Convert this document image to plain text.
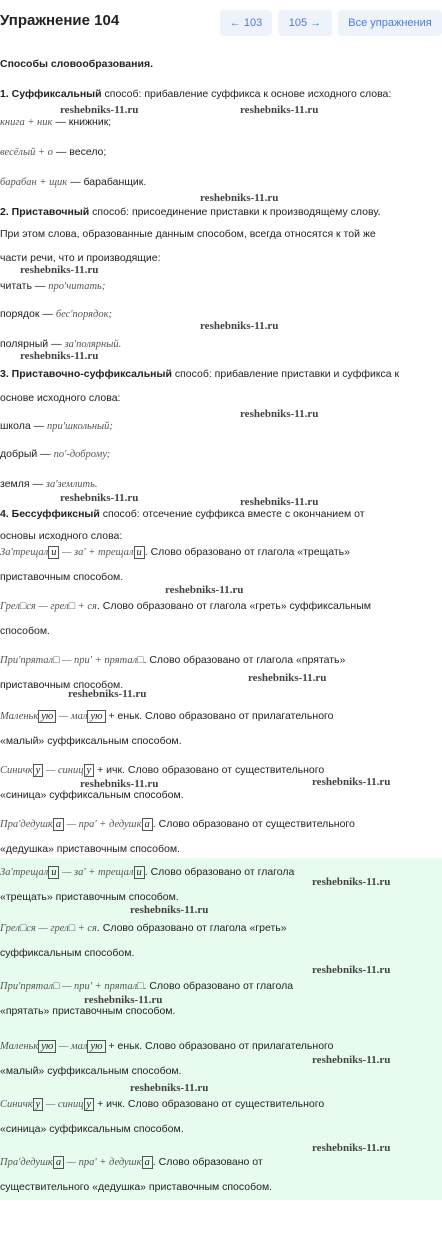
Упражнение 104	← 103	105 →	Все упражнения
Способы словообразования.
1. Суффиксальный способ: прибавление суффикса к основе исходного слова:
книга + ник — книжник;
весёлый + о — весело;
барабан + щик — барабанщик.
2. Приставочный способ: присоединение приставки к производящему слову.
При этом слова, образованные данным способом, всегда относятся к той же
части речи, что и производящие:
читать — про'читать;
порядок — бес'порядок;
полярный — за'полярный.
3. Приставочно-суффиксальный способ: прибавление приставки и суффикса к
основе исходного слова:
школа — при'школьный;
добрый — по'-доброму;
земля — за'землить.
4. Бессуффиксный способ: отсечение суффикса вместе с окончанием от
основы исходного слова:
За'трещал и — за' + трещал и . Слово образовано от глагола «трещать»
приставочным способом.
Грел□ся — грел□ + ся. Слово образовано от глагола «греть» суффиксальным
способом.
При'прятал□ — при' + прятал□. Слово образовано от глагола «прятать»
приставочным способом.
Маленьк ую — мал ую + еньк. Слово образовано от прилагательного
«малый» суффиксальным способом.
Синичк у — синиц у + ичк. Слово образовано от существительного
«синица» суффиксальным способом.
Пра'дедушк а — пра' + дедушк а . Слово образовано от существительного
«дедушка» приставочным способом.
За'трещал и — за' + трещал и . Слово образовано от глагола
«трещать» приставочным способом.
Грел□ся — грел□ + ся. Слово образовано от глагола «греть»
суффиксальным способом.
При'прятал□ — при' + прятал□. Слово образовано от глагола
«прятать» приставочным способом.
Маленьк ую — мал ую + еньк. Слово образовано от прилагательного
«малый» суффиксальным способом.
Синичк у — синиц у + ичк. Слово образовано от существительного
«синица» суффиксальным способом.
Пра'дедушк а — пра' + дедушк а . Слово образовано от
существительного «дедушка» приставочным способом.
reshebniks-11.ru	reshebniks-11.ru
reshebniks-11.ru
reshebniks-11.ru
reshebniks-11.ru
reshebniks-11.ru
reshebniks-11.ru
reshebniks-11.ru	reshebniks-11.ru
reshebniks-11.ru
reshebniks-11.ru
reshebniks-11.ru
reshebniks-11.ru	reshebniks-11.ru
reshebniks-11.ru
reshebniks-11.ru
reshebniks-11.ru
reshebniks-11.ru
reshebniks-11.ru
reshebniks-11.ru
reshebniks-11.ru
